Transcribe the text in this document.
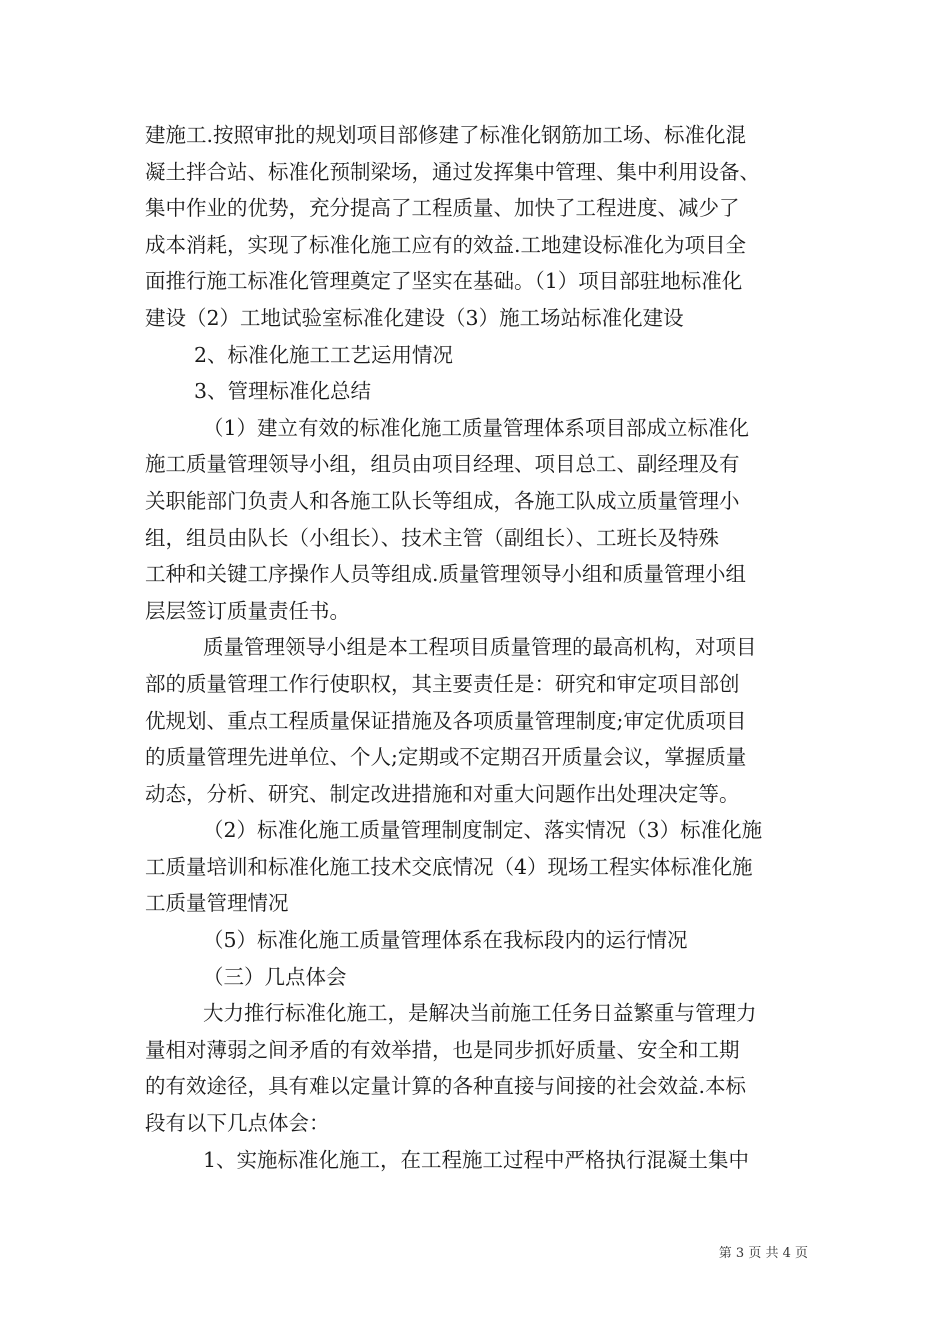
建施工.按照审批的规划项目部修建了标准化钢筋加工场、标准化混
凝土拌合站、标准化预制梁场，通过发挥集中管理、集中利用设备、
集中作业的优势，充分提高了工程质量、加快了工程进度、减少了
成本消耗，实现了标准化施工应有的效益.工地建设标准化为项目全
面推行施工标准化管理奠定了坚实在基础。（1）项目部驻地标准化
建设（2）工地试验室标准化建设（3）施工场站标准化建设
2、标准化施工工艺运用情况
3、管理标准化总结
（1）建立有效的标准化施工质量管理体系项目部成立标准化
施工质量管理领导小组，组员由项目经理、项目总工、副经理及有
关职能部门负责人和各施工队长等组成，各施工队成立质量管理小
组，组员由队长（小组长）、技术主管（副组长）、工班长及特殊
工种和关键工序操作人员等组成.质量管理领导小组和质量管理小组
层层签订质量责任书。
质量管理领导小组是本工程项目质量管理的最高机构，对项目
部的质量管理工作行使职权，其主要责任是：研究和审定项目部创
优规划、重点工程质量保证措施及各项质量管理制度;审定优质项目
的质量管理先进单位、个人;定期或不定期召开质量会议，掌握质量
动态，分析、研究、制定改进措施和对重大问题作出处理决定等。
（2）标准化施工质量管理制度制定、落实情况（3）标准化施
工质量培训和标准化施工技术交底情况（4）现场工程实体标准化施
工质量管理情况
（5）标准化施工质量管理体系在我标段内的运行情况
（三）几点体会
大力推行标准化施工，是解决当前施工任务日益繁重与管理力
量相对薄弱之间矛盾的有效举措，也是同步抓好质量、安全和工期
的有效途径，具有难以定量计算的各种直接与间接的社会效益.本标
段有以下几点体会：
1、实施标准化施工，在工程施工过程中严格执行混凝土集中
第 3 页 共 4 页
